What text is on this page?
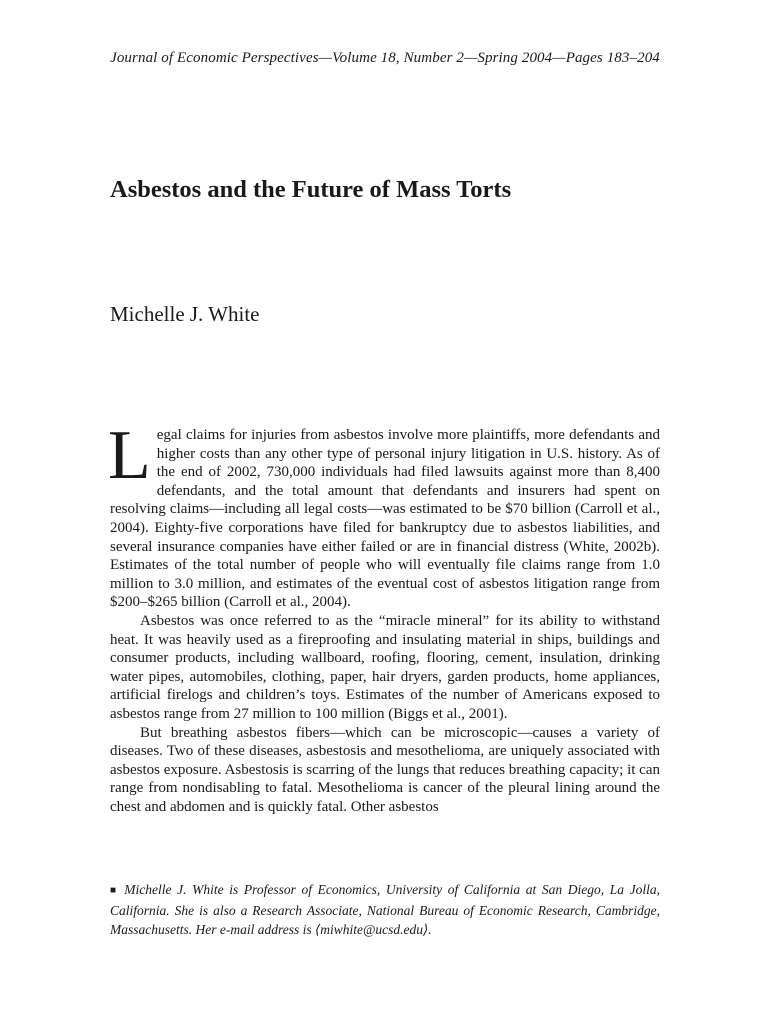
Journal of Economic Perspectives—Volume 18, Number 2—Spring 2004—Pages 183–204
Asbestos and the Future of Mass Torts
Michelle J. White

Legal claims for injuries from asbestos involve more plaintiffs, more defendants and higher costs than any other type of personal injury litigation in U.S. history. As of the end of 2002, 730,000 individuals had filed lawsuits against more than 8,400 defendants, and the total amount that defendants and insurers had spent on resolving claims—including all legal costs—was estimated to be $70 billion (Carroll et al., 2004). Eighty-five corporations have filed for bankruptcy due to asbestos liabilities, and several insurance companies have either failed or are in financial distress (White, 2002b). Estimates of the total number of people who will eventually file claims range from 1.0 million to 3.0 million, and estimates of the eventual cost of asbestos litigation range from $200–$265 billion (Carroll et al., 2004).

Asbestos was once referred to as the “miracle mineral” for its ability to withstand heat. It was heavily used as a fireproofing and insulating material in ships, buildings and consumer products, including wallboard, roofing, flooring, cement, insulation, drinking water pipes, automobiles, clothing, paper, hair dryers, garden products, home appliances, artificial firelogs and children’s toys. Estimates of the number of Americans exposed to asbestos range from 27 million to 100 million (Biggs et al., 2001).

But breathing asbestos fibers—which can be microscopic—causes a variety of diseases. Two of these diseases, asbestosis and mesothelioma, are uniquely associated with asbestos exposure. Asbestosis is scarring of the lungs that reduces breathing capacity; it can range from nondisabling to fatal. Mesothelioma is cancer of the pleural lining around the chest and abdomen and is quickly fatal. Other asbestos

■ Michelle J. White is Professor of Economics, University of California at San Diego, La Jolla, California. She is also a Research Associate, National Bureau of Economic Research, Cambridge, Massachusetts. Her e-mail address is ⟨miwhite@ucsd.edu⟩.
